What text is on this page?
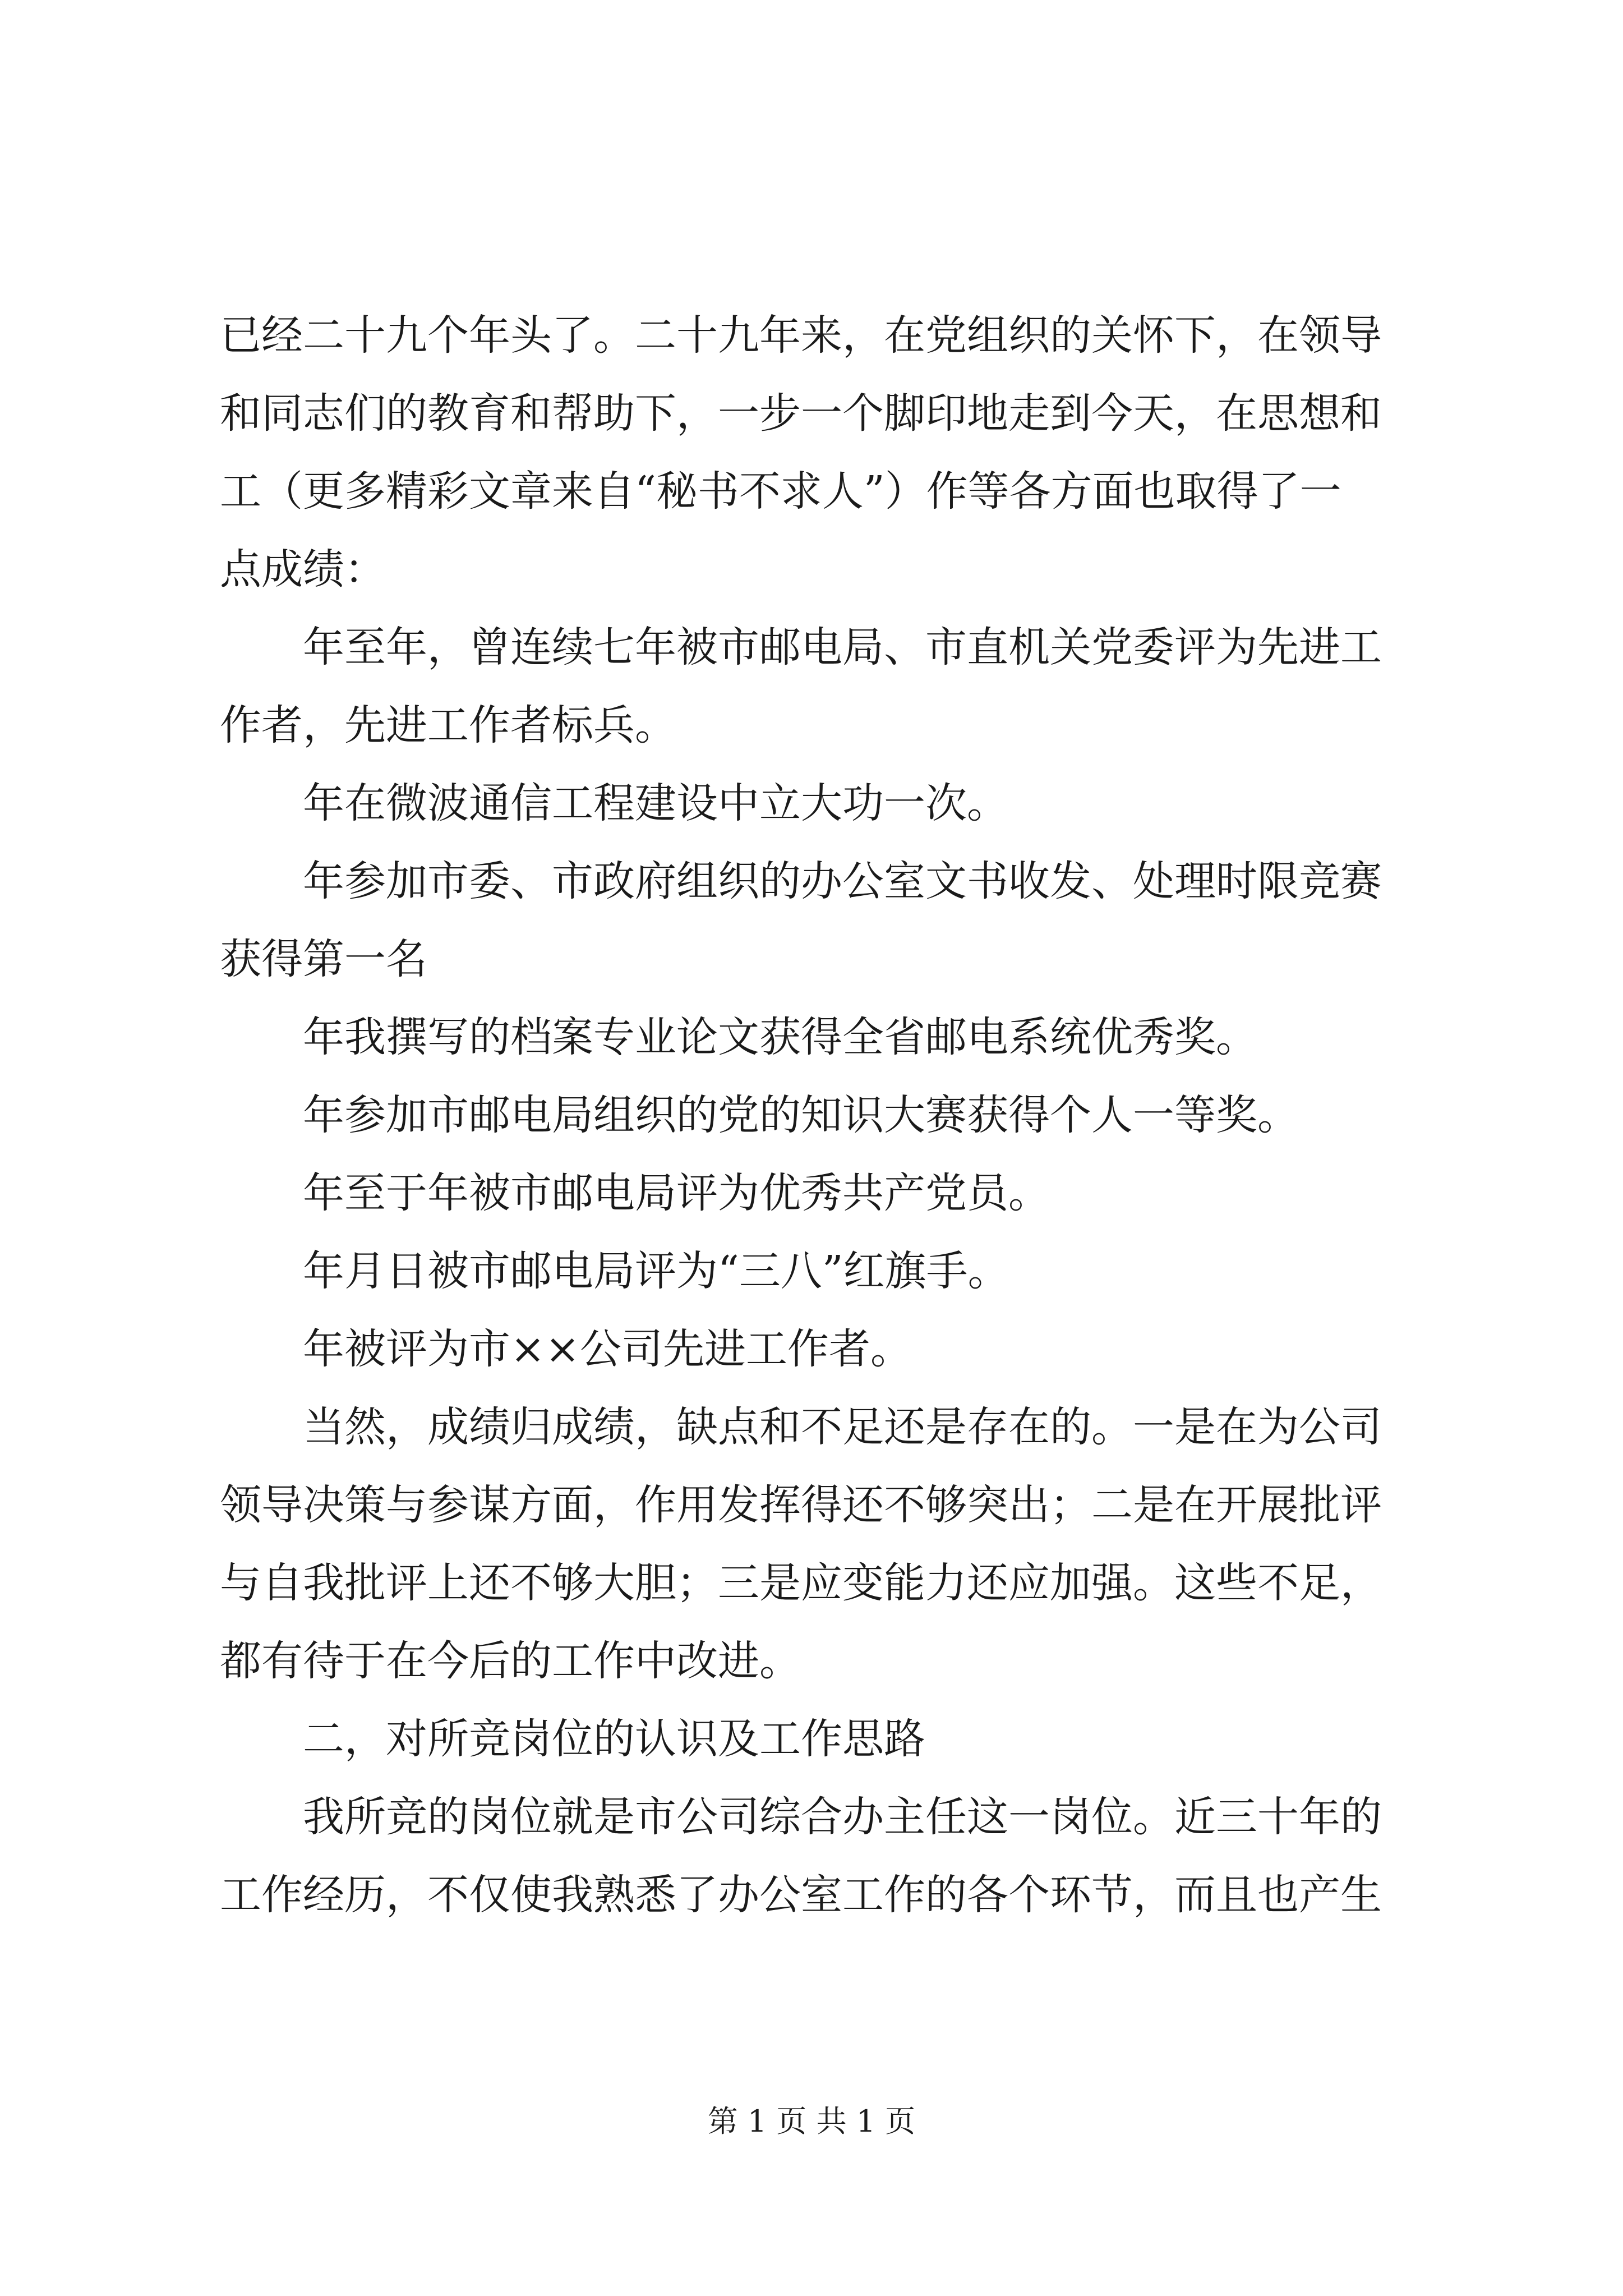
已经二十九个年头了。二十九年来，在党组织的关怀下，在领导
和同志们的教育和帮助下，一步一个脚印地走到今天，在思想和
工（更多精彩文章来自“秘书不求人”）作等各方面也取得了一
点成绩：
年至年，曾连续七年被市邮电局、市直机关党委评为先进工
作者，先进工作者标兵。
年在微波通信工程建设中立大功一次。
年参加市委、市政府组织的办公室文书收发、处理时限竞赛
获得第一名
年我撰写的档案专业论文获得全省邮电系统优秀奖。
年参加市邮电局组织的党的知识大赛获得个人一等奖。
年至于年被市邮电局评为优秀共产党员。
年月日被市邮电局评为“三八”红旗手。
年被评为市××公司先进工作者。
当然，成绩归成绩，缺点和不足还是存在的。一是在为公司
领导决策与参谋方面，作用发挥得还不够突出；二是在开展批评
与自我批评上还不够大胆；三是应变能力还应加强。这些不足，
都有待于在今后的工作中改进。
二，对所竞岗位的认识及工作思路
我所竞的岗位就是市公司综合办主任这一岗位。近三十年的
工作经历，不仅使我熟悉了办公室工作的各个环节，而且也产生
第 1 页 共 1 页
